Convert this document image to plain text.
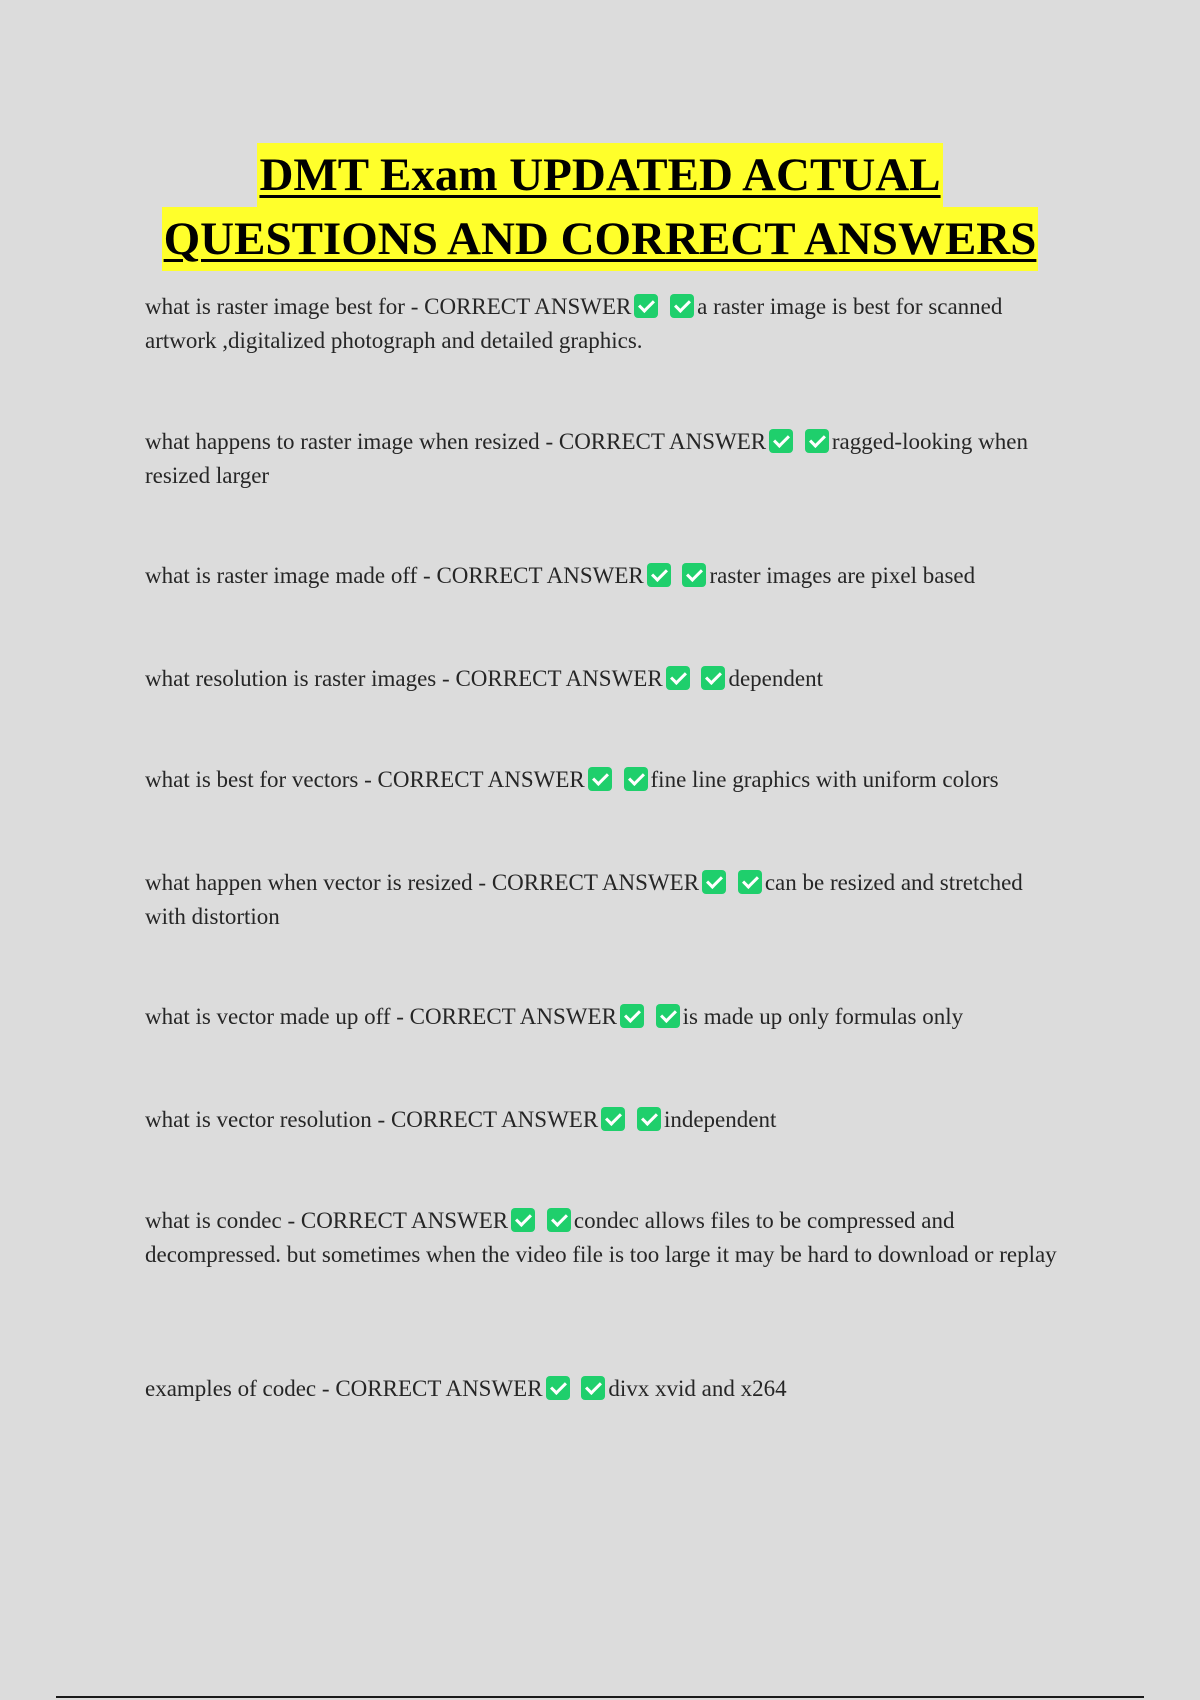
DMT Exam UPDATED ACTUAL
QUESTIONS AND CORRECT ANSWERS
what is raster image best for - CORRECT ANSWER	a raster image is best for scanned artwork ,digitalized photograph and detailed graphics.
what happens to raster image when resized - CORRECT ANSWER	ragged-looking when resized larger
what is raster image made off - CORRECT ANSWER	raster images are pixel based
what resolution is raster images - CORRECT ANSWER	dependent
what is best for vectors - CORRECT ANSWER	fine line graphics with uniform colors
what happen when vector is resized - CORRECT ANSWER	can be resized and stretched with distortion
what is vector made up off - CORRECT ANSWER	is made up only formulas only
what is vector resolution - CORRECT ANSWER	independent
what is condec - CORRECT ANSWER	condec allows files to be compressed and decompressed. but sometimes when the video file is too large it may be hard to download or replay
examples of codec - CORRECT ANSWER	divx xvid and x264
